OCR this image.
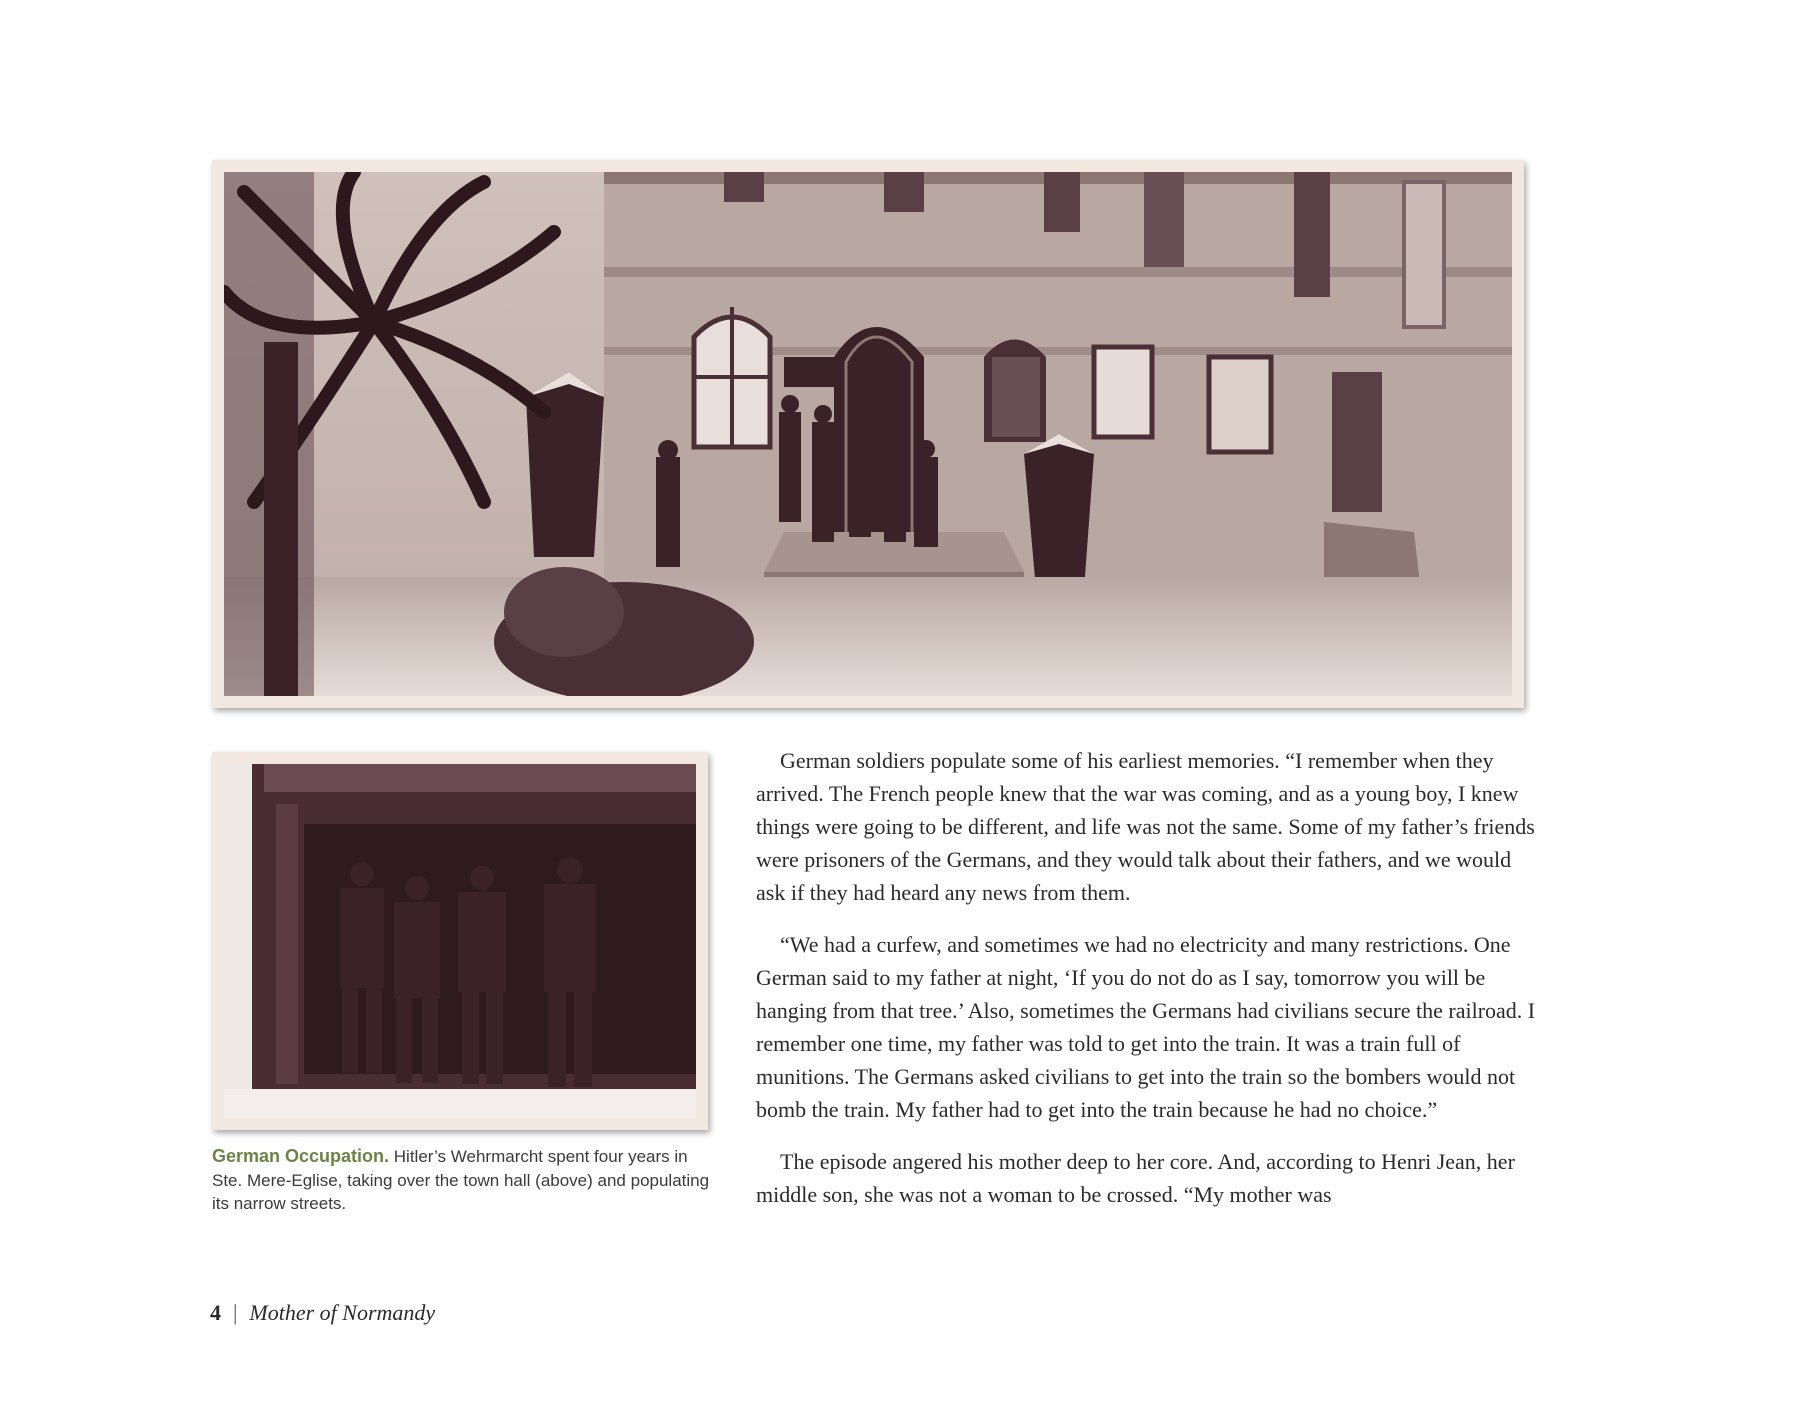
German Occupation. Hitler’s Wehrmarcht spent four years in Ste. Mere-Eglise, taking over the town hall (above) and populating its narrow streets.

German soldiers populate some of his earliest memories. “I remember when they arrived. The French people knew that the war was coming, and as a young boy, I knew things were going to be different, and life was not the same. Some of my father’s friends were prisoners of the Germans, and they would talk about their fathers, and we would ask if they had heard any news from them.

“We had a curfew, and sometimes we had no electricity and many restrictions. One German said to my father at night, ‘If you do not do as I say, tomorrow you will be hanging from that tree.’ Also, sometimes the Germans had civilians secure the railroad. I remember one time, my father was told to get into the train. It was a train full of munitions. The Germans asked civilians to get into the train so the bombers would not bomb the train. My father had to get into the train because he had no choice.”

The episode angered his mother deep to her core. And, according to Henri Jean, her middle son, she was not a woman to be crossed. “My mother was

4 | Mother of Normandy
